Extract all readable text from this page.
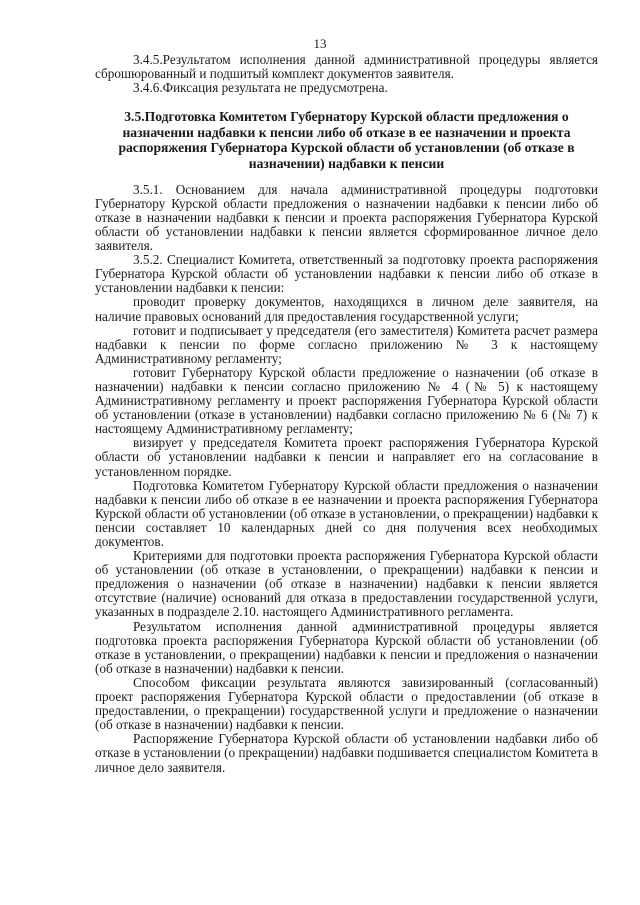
13

3.4.5.Результатом исполнения данной административной процедуры является сброшюрованный и подшитый комплект документов заявителя.

3.4.6.Фиксация результата не предусмотрена.

3.5.Подготовка Комитетом Губернатору Курской области предложения о назначении надбавки к пенсии либо об отказе в ее назначении и проекта распоряжения Губернатора Курской области об установлении (об отказе в назначении) надбавки к пенсии

3.5.1. Основанием для начала административной процедуры подготовки Губернатору Курской области предложения о назначении надбавки к пенсии либо об отказе в назначении надбавки к пенсии и проекта распоряжения Губернатора Курской области об установлении надбавки к пенсии является сформированное личное дело заявителя.

3.5.2. Специалист Комитета, ответственный за подготовку проекта распоряжения Губернатора Курской области об установлении надбавки к пенсии либо об отказе в установлении надбавки к пенсии:

проводит проверку документов, находящихся в личном деле заявителя, на наличие правовых оснований для предоставления государственной услуги;

готовит и подписывает у председателя (его заместителя) Комитета расчет размера надбавки к пенсии по форме согласно приложению № 3 к настоящему Административному регламенту;

готовит Губернатору Курской области предложение о назначении (об отказе в назначении) надбавки к пенсии согласно приложению № 4 (№ 5) к настоящему Административному регламенту и проект распоряжения Губернатора Курской области об установлении (отказе в установлении) надбавки согласно приложению № 6 (№ 7) к настоящему Административному регламенту;

визирует у председателя Комитета проект распоряжения Губернатора Курской области об установлении надбавки к пенсии и направляет его на согласование в установленном порядке.

Подготовка Комитетом Губернатору Курской области предложения о назначении надбавки к пенсии либо об отказе в ее назначении и проекта распоряжения Губернатора Курской области об установлении (об отказе в установлении, о прекращении) надбавки к пенсии составляет 10 календарных дней со дня получения всех необходимых документов.

Критериями для подготовки проекта распоряжения Губернатора Курской области об установлении (об отказе в установлении, о прекращении) надбавки к пенсии и предложения о назначении (об отказе в назначении) надбавки к пенсии является отсутствие (наличие) оснований для отказа в предоставлении государственной услуги, указанных в подразделе 2.10. настоящего Административного регламента.

Результатом исполнения данной административной процедуры является подготовка проекта распоряжения Губернатора Курской области об установлении (об отказе в установлении, о прекращении) надбавки к пенсии и предложения о назначении (об отказе в назначении) надбавки к пенсии.

Способом фиксации результата являются завизированный (согласованный) проект распоряжения Губернатора Курской области о предоставлении (об отказе в предоставлении, о прекращении) государственной услуги и предложение о назначении (об отказе в назначении) надбавки к пенсии.

Распоряжение Губернатора Курской области об установлении надбавки либо об отказе в установлении (о прекращении) надбавки подшивается специалистом Комитета в личное дело заявителя.
